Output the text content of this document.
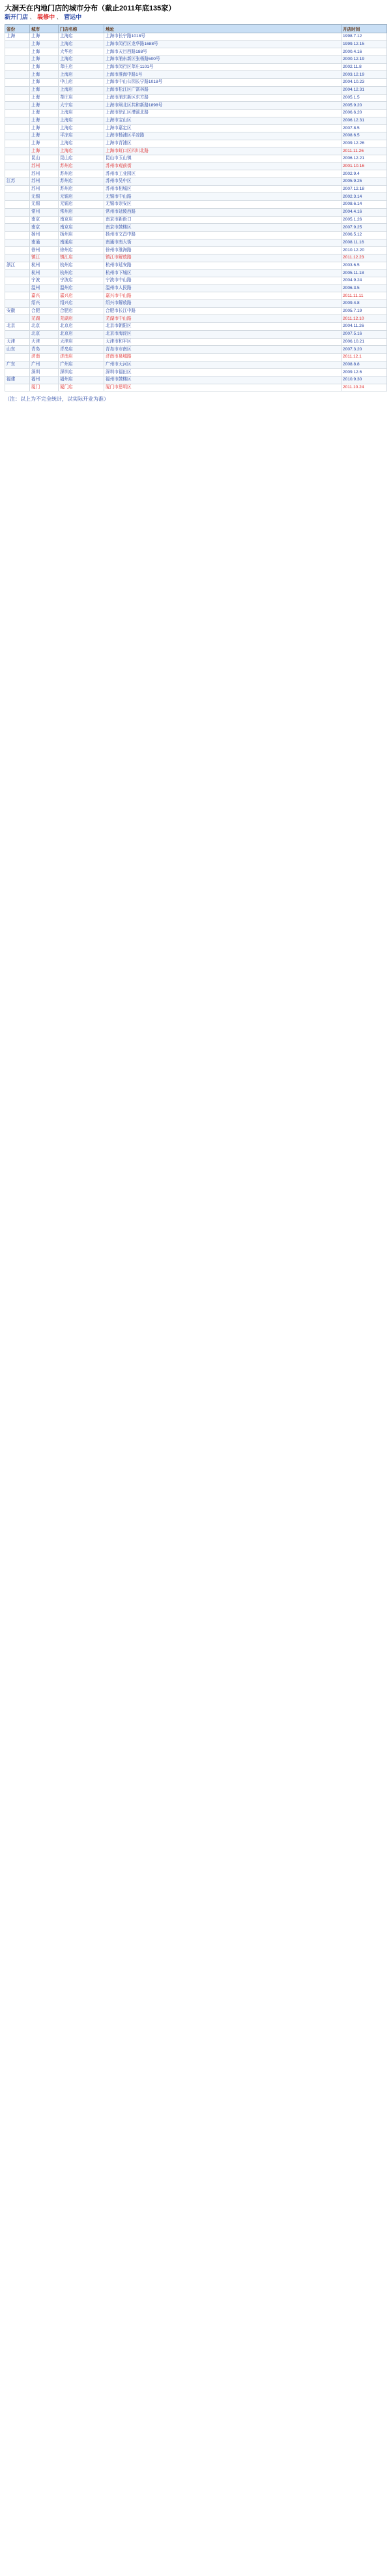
大洞天在内地门店的城市分布（截止2011年底135家）
新开门店 、 装修中 、 营运中
省份	城市	门店名称	地址	开店时间
上海	上海	上海店	上海市长宁路1018号	1998.7.12
	上海	上海店	上海市闵行区龙华路1688号	1999.12.15
	上海	大华店	上海市天目西路188号	2000.4.16
	上海	上海店	上海市浦东新区张杨路500号	2000.12.19
	上海	莘庄店	上海市闵行区莘庄1101号	2002.11.8
	上海	上海店	上海市淮海中路1号	2003.12.19
	上海	中山店	上海市中山公园长宁路1018号	2004.10.23
	上海	上海店	上海市松江区广富林路	2004.12.31
	上海	莘庄店	上海市浦东新区东方路	2005.1.5
	上海	大宁店	上海市闸北区共和新路1898号	2005.9.20
	上海	上海店	上海市徐汇区漕溪北路	2006.6.20
	上海	上海店	上海市宝山区	2006.12.31
	上海	上海店	上海市嘉定区	2007.8.5
	上海	平凉店	上海市杨浦区平凉路	2008.6.5
	上海	上海店	上海市青浦区	2009.12.26
	上海	上海店	上海市虹口区四川北路	2011.11.26
	昆山	昆山店	昆山市玉山镇	2006.12.21
	苏州	苏州店	苏州市观前街	2001.10.16
	苏州	苏州店	苏州市工业园区	2002.9.4
江苏	苏州	苏州店	苏州市吴中区	2005.9.25
	苏州	苏州店	苏州市相城区	2007.12.18
	无锡	无锡店	无锡市中山路	2002.3.14
	无锡	无锡店	无锡市崇安区	2008.6.14
	常州	常州店	常州市延陵西路	2004.4.16
	南京	南京店	南京市新街口	2005.1.26
	南京	南京店	南京市鼓楼区	2007.9.25
	扬州	扬州店	扬州市文昌中路	2006.5.12
	南通	南通店	南通市南大街	2008.11.16
	徐州	徐州店	徐州市淮海路	2010.12.20
	镇江	镇江店	镇江市解放路	2011.12.23
浙江	杭州	杭州店	杭州市延安路	2003.6.5
	杭州	杭州店	杭州市下城区	2005.11.18
	宁波	宁波店	宁波市中山路	2004.9.24
	温州	温州店	温州市人民路	2006.3.5
	嘉兴	嘉兴店	嘉兴市中山路	2011.11.11
	绍兴	绍兴店	绍兴市解放路	2009.4.8
安徽	合肥	合肥店	合肥市长江中路	2005.7.19
	芜湖	芜湖店	芜湖市中山路	2011.12.10
北京	北京	北京店	北京市朝阳区	2004.11.26
	北京	北京店	北京市海淀区	2007.5.16
天津	天津	天津店	天津市和平区	2006.10.21
山东	青岛	青岛店	青岛市市南区	2007.3.20
	济南	济南店	济南市泉城路	2011.12.1
广东	广州	广州店	广州市天河区	2008.8.8
	深圳	深圳店	深圳市福田区	2009.12.6
福建	福州	福州店	福州市鼓楼区	2010.9.30
	厦门	厦门店	厦门市思明区	2011.10.24
（注：以上为不完全统计，以实际开业为准）
